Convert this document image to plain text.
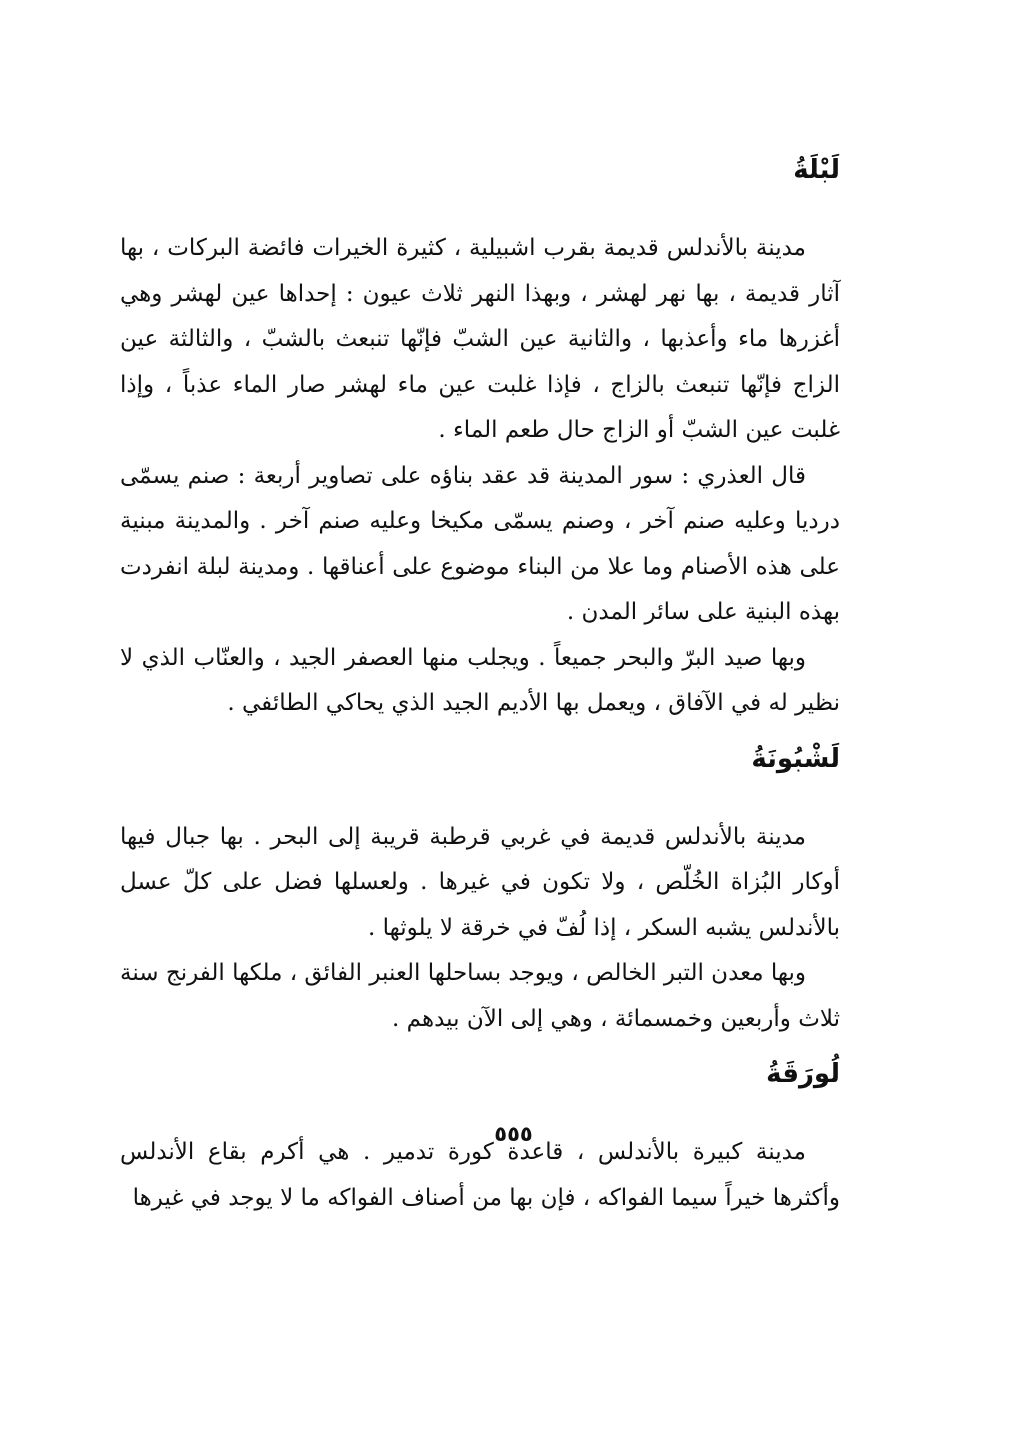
لَبْلَةُ

مدينة بالأندلس قديمة بقرب اشبيلية ، كثيرة الخيرات فائضة البركات ، بها آثار قديمة ، بها نهر لهشر ، وبهذا النهر ثلاث عيون : إحداها عين لهشر وهي أغزرها ماء وأعذبها ، والثانية عين الشبّ فإنّها تنبعث بالشبّ ، والثالثة عين الزاج فإنّها تنبعث بالزاج ، فإذا غلبت عين ماء لهشر صار الماء عذباً ، وإذا غلبت عين الشبّ أو الزاج حال طعم الماء .

قال العذري : سور المدينة قد عقد بناؤه على تصاوير أربعة : صنم يسمّى درديا وعليه صنم آخر ، وصنم يسمّى مكيخا وعليه صنم آخر . والمدينة مبنية على هذه الأصنام وما علا من البناء موضوع على أعناقها . ومدينة لبلة انفردت بهذه البنية على سائر المدن .

وبها صيد البرّ والبحر جميعاً . ويجلب منها العصفر الجيد ، والعنّاب الذي لا نظير له في الآفاق ، ويعمل بها الأديم الجيد الذي يحاكي الطائفي .

لَشْبُونَةُ

مدينة بالأندلس قديمة في غربي قرطبة قريبة إلى البحر . بها جبال فيها أوكار البُزاة الخُلّص ، ولا تكون في غيرها . ولعسلها فضل على كلّ عسل بالأندلس يشبه السكر ، إذا لُفّ في خرقة لا يلوثها .

وبها معدن التبر الخالص ، ويوجد بساحلها العنبر الفائق ، ملكها الفرنج سنة ثلاث وأربعين وخمسمائة ، وهي إلى الآن بيدهم .

لُورَقَةُ

مدينة كبيرة بالأندلس ، قاعدة كورة تدمير . هي أكرم بقاع الأندلس وأكثرها خيراً سيما الفواكه ، فإن بها من أصناف الفواكه ما لا يوجد في غيرها

٥٥٥
